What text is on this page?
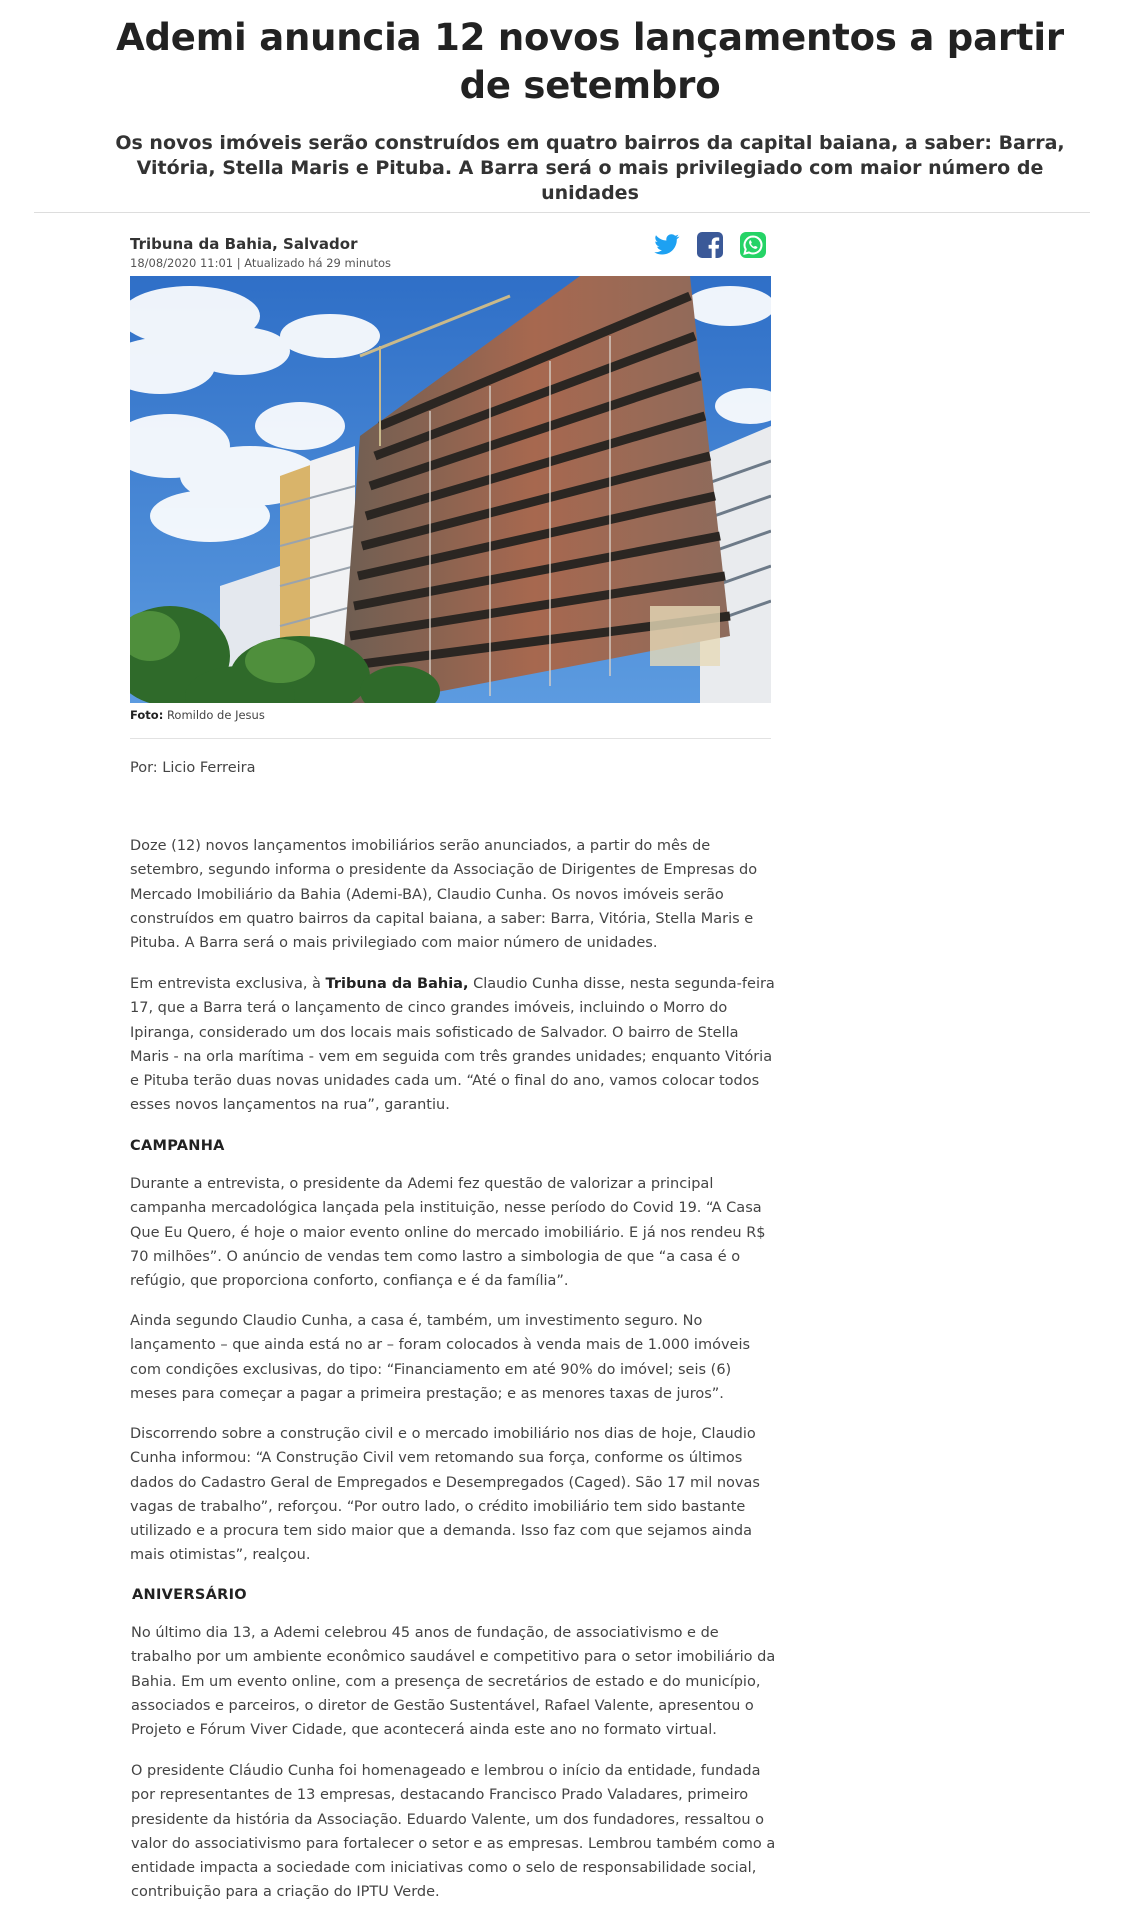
Ademi anuncia 12 novos lançamentos a partir de setembro
Os novos imóveis serão construídos em quatro bairros da capital baiana, a saber: Barra, Vitória, Stella Maris e Pituba. A Barra será o mais privilegiado com maior número de unidades
Tribuna da Bahia, Salvador
18/08/2020 11:01 | Atualizado há 29 minutos
Foto: Romildo de Jesus
Por: Licio Ferreira

Doze (12) novos lançamentos imobiliários serão anunciados, a partir do mês de setembro, segundo informa o presidente da Associação de Dirigentes de Empresas do Mercado Imobiliário da Bahia (Ademi-BA), Claudio Cunha. Os novos imóveis serão construídos em quatro bairros da capital baiana, a saber: Barra, Vitória, Stella Maris e Pituba. A Barra será o mais privilegiado com maior número de unidades.

Em entrevista exclusiva, à Tribuna da Bahia, Claudio Cunha disse, nesta segunda-feira 17, que a Barra terá o lançamento de cinco grandes imóveis, incluindo o Morro do Ipiranga, considerado um dos locais mais sofisticado de Salvador. O bairro de Stella Maris - na orla marítima - vem em seguida com três grandes unidades; enquanto Vitória e Pituba terão duas novas unidades cada um. “Até o final do ano, vamos colocar todos esses novos lançamentos na rua”, garantiu.

CAMPANHA

Durante a entrevista, o presidente da Ademi fez questão de valorizar a principal campanha mercadológica lançada pela instituição, nesse período do Covid 19. “A Casa Que Eu Quero, é hoje o maior evento online do mercado imobiliário. E já nos rendeu R$ 70 milhões”. O anúncio de vendas tem como lastro a simbologia de que “a casa é o refúgio, que proporciona conforto, confiança e é da família”.

Ainda segundo Claudio Cunha, a casa é, também, um investimento seguro. No lançamento – que ainda está no ar – foram colocados à venda mais de 1.000 imóveis com condições exclusivas, do tipo: “Financiamento em até 90% do imóvel; seis (6) meses para começar a pagar a primeira prestação; e as menores taxas de juros”.

Discorrendo sobre a construção civil e o mercado imobiliário nos dias de hoje, Claudio Cunha informou: “A Construção Civil vem retomando sua força, conforme os últimos dados do Cadastro Geral de Empregados e Desempregados (Caged). São 17 mil novas vagas de trabalho”, reforçou. “Por outro lado, o crédito imobiliário tem sido bastante utilizado e a procura tem sido maior que a demanda. Isso faz com que sejamos ainda mais otimistas”, realçou.

ANIVERSÁRIO

No último dia 13, a Ademi celebrou 45 anos de fundação, de associativismo e de trabalho por um ambiente econômico saudável e competitivo para o setor imobiliário da Bahia. Em um evento online, com a presença de secretários de estado e do município, associados e parceiros, o diretor de Gestão Sustentável, Rafael Valente, apresentou o Projeto e Fórum Viver Cidade, que acontecerá ainda este ano no formato virtual.

O presidente Cláudio Cunha foi homenageado e lembrou o início da entidade, fundada por representantes de 13 empresas, destacando Francisco Prado Valadares, primeiro presidente da história da Associação. Eduardo Valente, um dos fundadores, ressaltou o valor do associativismo para fortalecer o setor e as empresas. Lembrou também como a entidade impacta a sociedade com iniciativas como o selo de responsabilidade social, contribuição para a criação do IPTU Verde.
